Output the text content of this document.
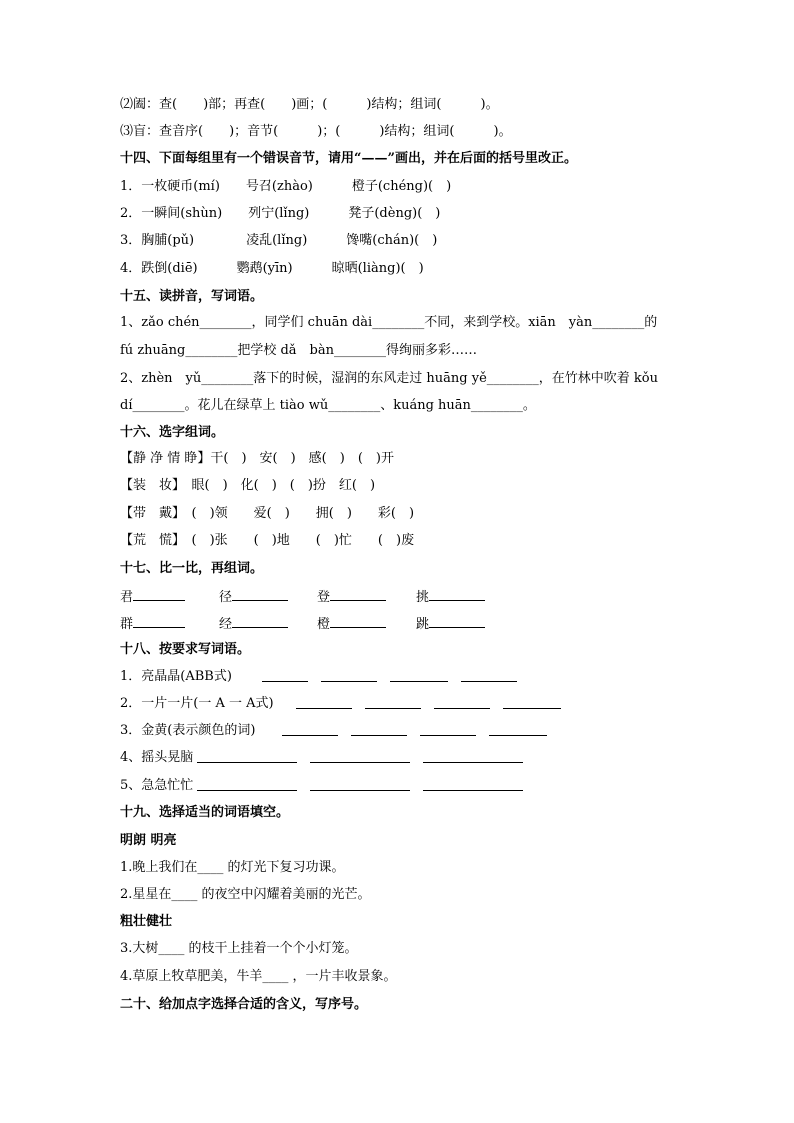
⑵阖：查(　　)部；再查(　　)画；(　　　)结构；组词(　　　)。
⑶盲：查音序(　　)；音节(　　　)；(　　　)结构；组词(　　　)。
十四、下面每组里有一个错误音节，请用“——”画出，并在后面的括号里改正。
1．一枚硬币(mí)　　号召(zhào)　　　橙子(chéng)(　)
2．一瞬间(shùn)　　列宁(lǐng)　　　凳子(dèng)(　)
3．胸脯(pǔ)　　　　凌乱(lǐng)　　　馋嘴(chán)(　)
4．跌倒(diē)　　　鹦鹉(yīn)　　　晾晒(liàng)(　)
十五、读拼音，写词语。
1、zǎo chén________，同学们 chuān dài________不同，来到学校。xiān　yàn________的
fú zhuāng________把学校 dǎ　bàn________得绚丽多彩……
2、zhèn　yǔ________落下的时候，湿润的东风走过 huāng yě________，在竹林中吹着 kǒu
dí________。花儿在绿草上 tiào wǔ________、kuáng huān________。
十六、选字组词。
【静 净 情 睁】干(　)　安(　)　感(　)　(　)开
【装　妆】　眼(　)　化(　)　(　)扮　红(　)
【带　戴】　(　)领　　爱(　)　　拥(　)　　彩(　)
【荒　慌】　(　)张　　(　)地　　(　)忙　　(　)废
十七、比一比，再组词。
君	径	登	挑
群	经	橙	跳
十八、按要求写词语。
1．亮晶晶(ABB式)

2．一片一片(一 A 一 A式)

3．金黄(表示颜色的词)

4、摇头晃脑

5、急急忙忙

十九、选择适当的词语填空。
明朗 明亮
1.晚上我们在____ 的灯光下复习功课。
2.星星在____ 的夜空中闪耀着美丽的光芒。
粗壮健壮
3.大树____ 的枝干上挂着一个个小灯笼。
4.草原上牧草肥美，牛羊____ ，一片丰收景象。
二十、给加点字选择合适的含义，写序号。
